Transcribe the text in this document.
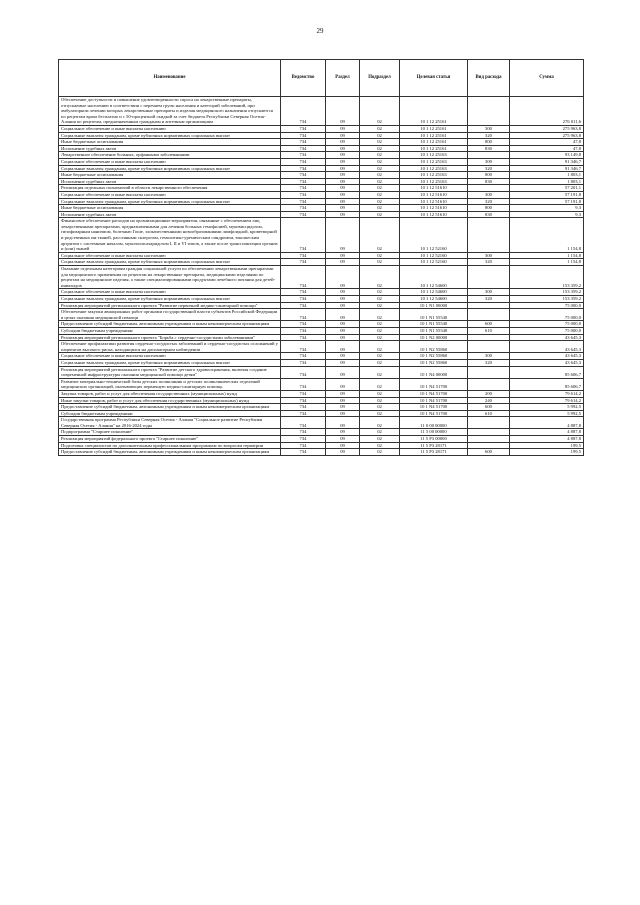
29
Наименование	Ведомство	Раздел	Подраздел	Целевая статья	Вид расхода	Сумма
Обеспечение доступности и повышение удовлетворенности спроса на лекарственные препараты, отпускаемые населению в соответствии с перечнем групп населения и категорий заболеваний, при амбулаторном лечении которых лекарственные препараты и изделия медицинского назначения отпускаются по рецептам врача бесплатно и с 50-процентной скидкой за счет бюджета Республики Северная Осетия-Алания по рецептам, предназначенным гражданам и аптечным организациям	734	09	02	10 1 12 25161		276 011,6
Социальное обеспечение и иные выплаты населению	734	09	02	10 1 12 25161	300	275 963,8
Социальные выплаты гражданам, кроме публичных нормативных социальных выплат	734	09	02	10 1 12 25161	320	275 963,8
Иные бюджетные ассигнования	734	09	02	10 1 12 25161	800	47,8
Исполнение судебных актов	734	09	02	10 1 12 25161	830	47,8
Лекарственное обеспечение больных, орфанными заболеваниями	734	09	02	10 1 12 25163		93 149,8
Социальное обеспечение и иные выплаты населению	734	09	02	10 1 12 25163	300	91 346,7
Социальные выплаты гражданам, кроме публичных нормативных социальных выплат	734	09	02	10 1 12 25163	320	91 346,7
Иные бюджетные ассигнования	734	09	02	10 1 12 25163	800	1 803,1
Исполнение судебных актов	734	09	02	10 1 12 25163	830	1 803,1
Реализация отдельных полномочий в области лекарственного обеспечения	734	09	02	10 1 12 51610		57 201,1
Социальное обеспечение и иные выплаты населению	734	09	02	10 1 12 51610	300	57 191,8
Социальные выплаты гражданам, кроме публичных нормативных социальных выплат	734	09	02	10 1 12 51610	320	57 191,8
Иные бюджетные ассигнования	734	09	02	10 1 12 51610	800	9,3
Исполнение судебных актов	734	09	02	10 1 12 51610	830	9,3
Финансовое обеспечение расходов на организационные мероприятия, связанные с обеспечением лиц лекарственными препаратами, предназначенными для лечения больных гемофилией, муковисцидозом, гипофизарным нанизмом, болезнью Гоше, злокачественными новообразованиями лимфоидной, кроветворной и родственных им тканей, рассеянным склерозом, гемолитико-уремическим синдромом, юношеским артритом с системным началом, мукополисахаридозом I, II и VI типов, а также после трансплантации органов и (или) тканей	734	09	02	10 1 12 52160		1 154,8
Социальное обеспечение и иные выплаты населению	734	09	02	10 1 12 52160	300	1 154,8
Социальные выплаты гражданам, кроме публичных нормативных социальных выплат	734	09	02	10 1 12 52160	320	1 154,8
Оказание отдельным категориям граждан социальной услуги по обеспечению лекарственными препаратами для медицинского применения по рецептам на лекарственные препараты, медицинскими изделиями по рецептам на медицинские изделия, а также специализированными продуктами лечебного питания для детей-инвалидов	734	09	02	10 1 12 54600		153 359,2
Социальное обеспечение и иные выплаты населению	734	09	02	10 1 12 54600	300	153 359,2
Социальные выплаты гражданам, кроме публичных нормативных социальных выплат	734	09	02	10 1 12 54600	320	153 359,2
Реализация мероприятий регионального проекта "Развитие первичной медико-санитарной помощи"	734	09	02	10 1 N1 00000		75 000,0
Обеспечение закупки авиационных работ органами государственной власти субъектов Российской Федерации в целях оказания медицинской помощи	734	09	02	10 1 N1 55540		75 000,0
Предоставление субсидий бюджетным, автономным учреждениям и иным некоммерческим организациям	734	09	02	10 1 N1 55540	600	75 000,0
Субсидии бюджетным учреждениям	734	09	02	10 1 N1 55540	610	75 000,0
Реализация мероприятий регионального проекта "Борьба с сердечно-сосудистыми заболеваниями"	734	09	02	10 1 N2 00000		43 645,3
Обеспечение профилактики развития сердечно-сосудистых заболеваний и сердечно-сосудистых осложнений у пациентов высокого риска, находящихся на диспансерном наблюдении	734	09	02	10 1 N2 55860		43 645,3
Социальное обеспечение и иные выплаты населению	734	09	02	10 1 N2 55860	300	43 645,3
Социальные выплаты гражданам, кроме публичных нормативных социальных выплат	734	09	02	10 1 N2 55860	320	43 645,3
Реализация мероприятий регионального проекта "Развитие детского здравоохранения, включая создание современной инфраструктуры оказания медицинской помощи детям"	734	09	02	10 1 N4 00000		85 606,7
Развитие материально-технической базы детских поликлиник и детских поликлинических отделений медицинских организаций, оказывающих первичную медико-санитарную помощь	734	09	02	10 1 N4 51700		85 606,7
Закупка товаров, работ и услуг для обеспечения государственных (муниципальных) нужд	734	09	02	10 1 N4 51700	200	79 614,2
Иные закупки товаров, работ и услуг для обеспечения государственных (муниципальных) нужд	734	09	02	10 1 N4 51700	240	79 614,2
Предоставление субсидий бюджетным, автономным учреждениям и иным некоммерческим организациям	734	09	02	10 1 N4 51700	600	5 992,5
Субсидии бюджетным учреждениям	734	09	02	10 1 N4 51700	610	5 992,5
Государственная программа Республики Северная Осетия - Алания "Социальное развитие Республики Северная Осетия - Алания" на 2016-2024 годы	734	09	02	11 0 00 00000		4 887,8
Подпрограмма "Старшее поколение"	734	09	02	11 5 00 00000		4 887,8
Реализация мероприятий федерального проекта "Старшее поколение"	734	09	02	11 5 P3 00000		4 887,8
Подготовка специалистов по дополнительным профессиональным программам по вопросам гериатрии	734	09	02	11 5 P3 28171		199,5
Предоставление субсидий бюджетным, автономным учреждениям и иным некоммерческим организациям	734	09	02	11 5 P3 28171	600	199,5
